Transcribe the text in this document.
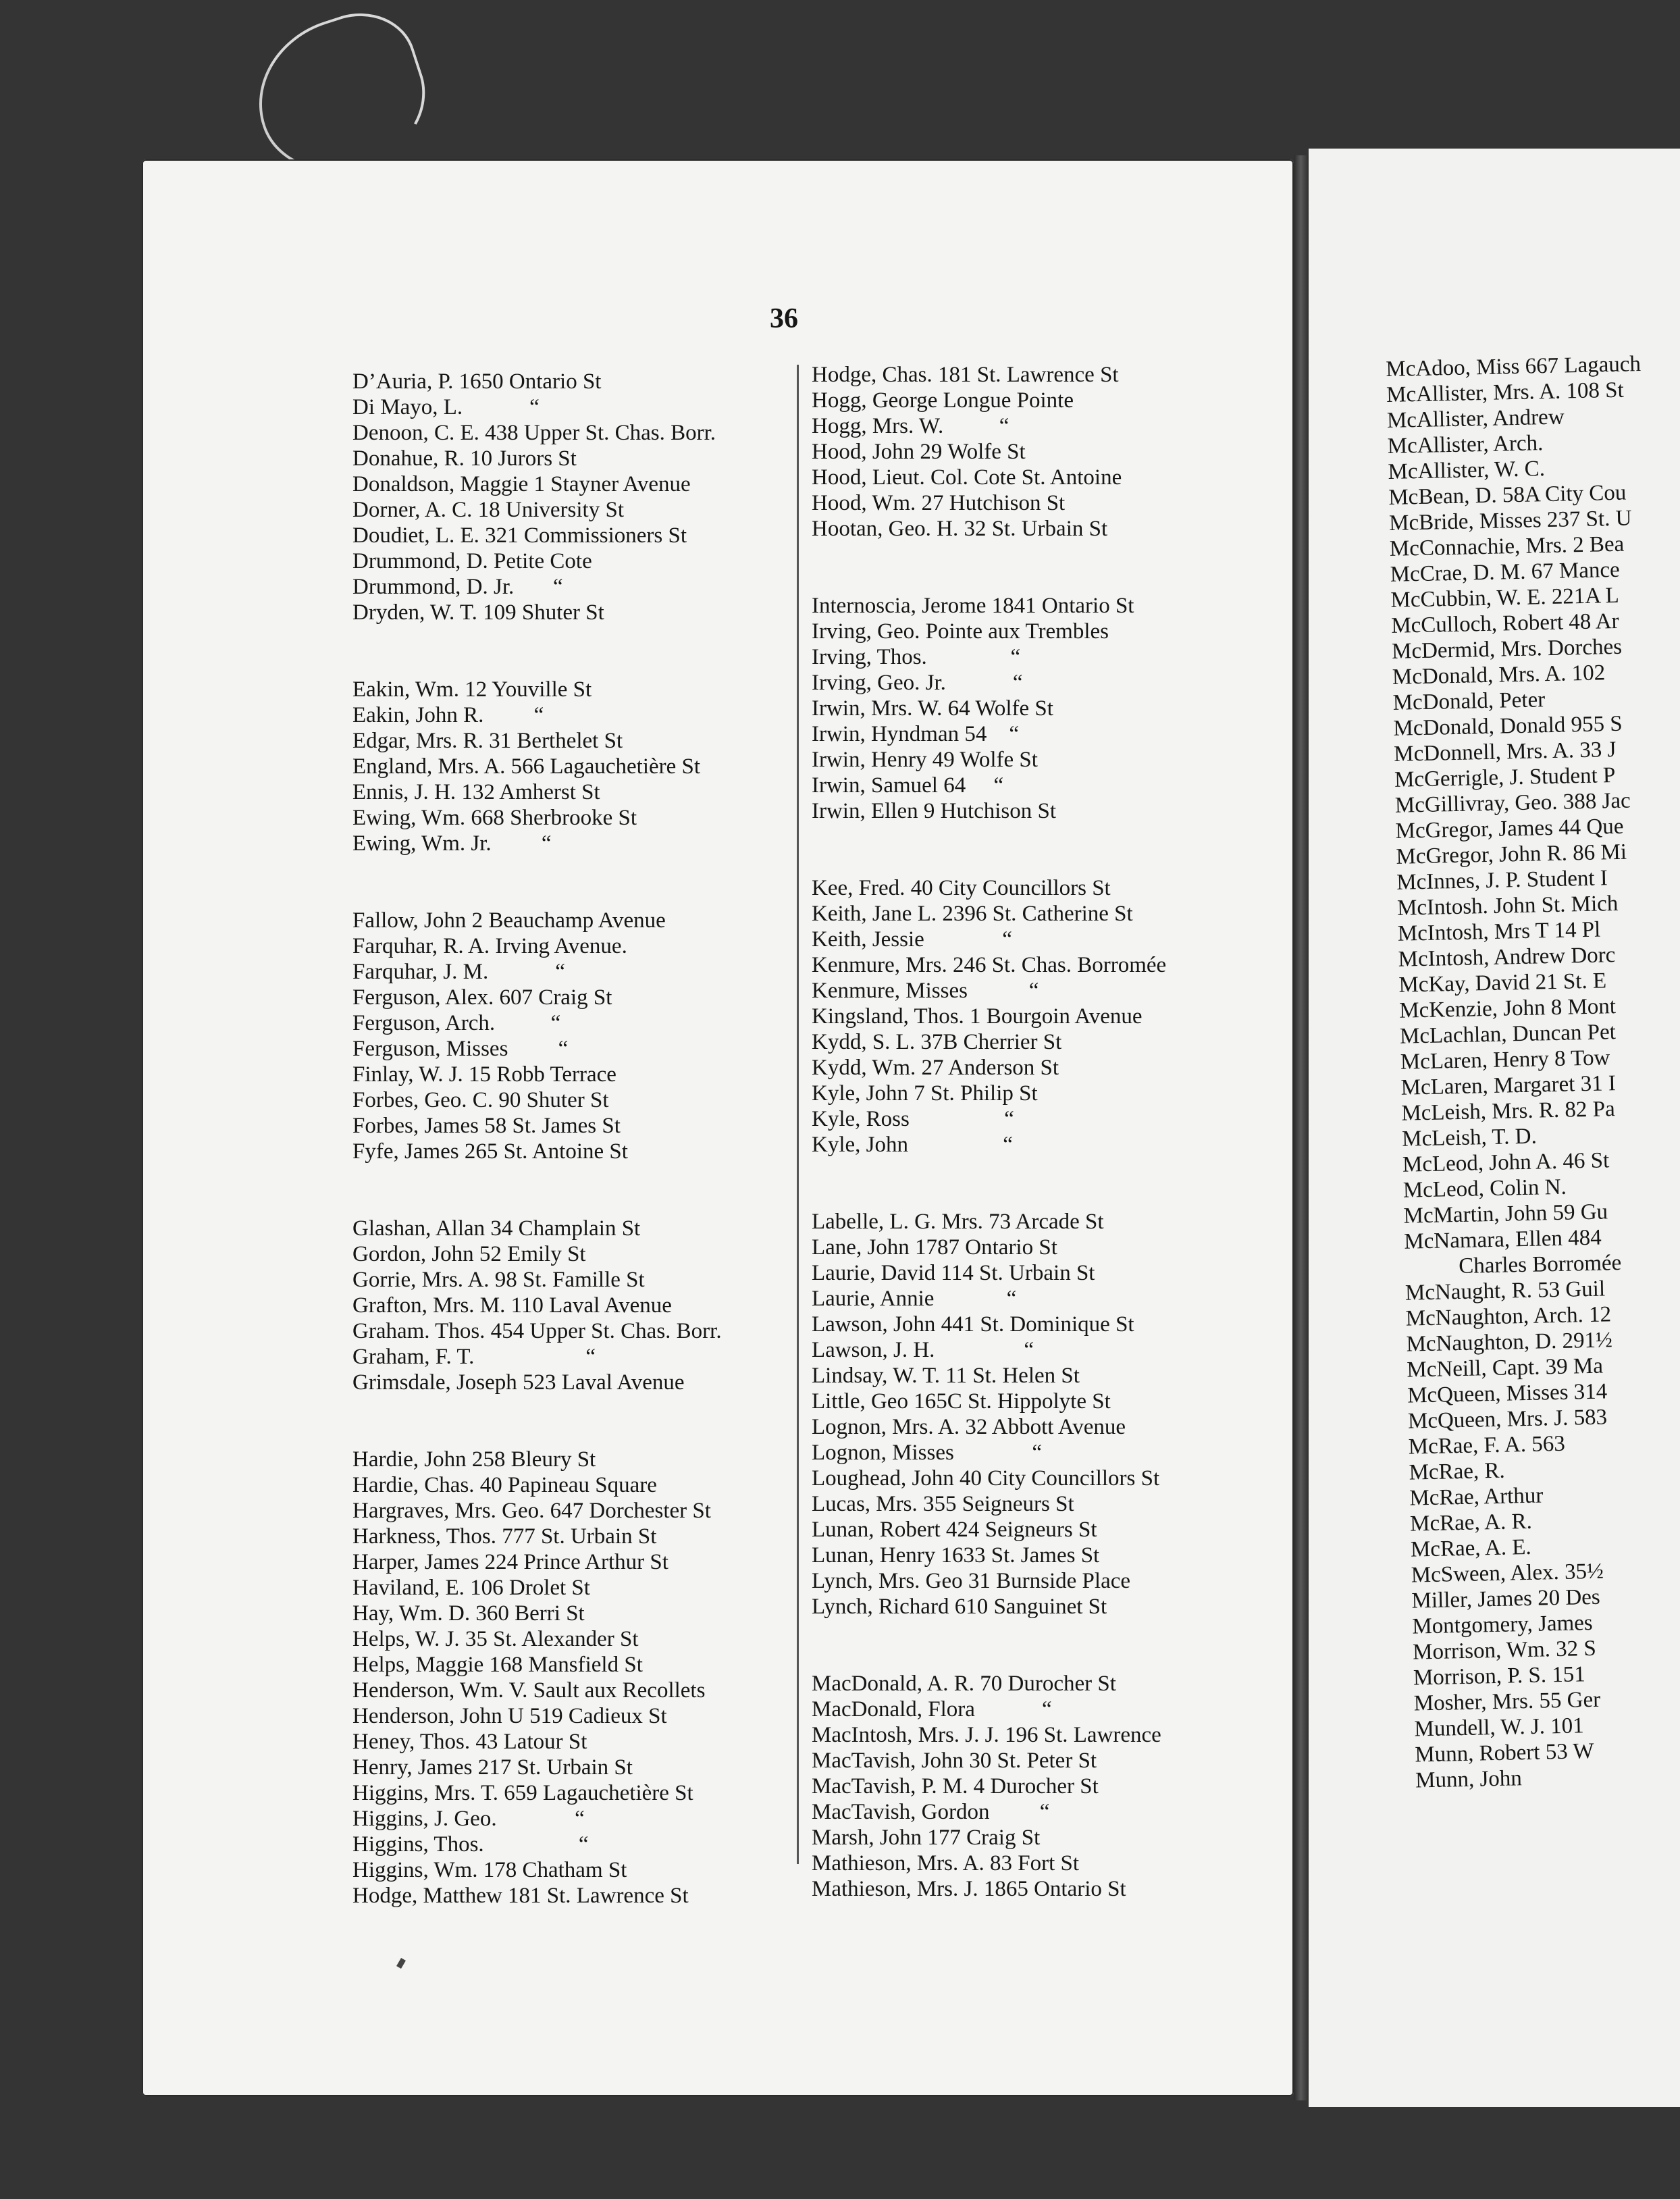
36
D’Auria, P. 1650 Ontario St
Di Mayo, L.            “
Denoon, C. E. 438 Upper St. Chas. Borr.
Donahue, R. 10 Jurors St
Donaldson, Maggie 1 Stayner Avenue
Dorner, A. C. 18 University St
Doudiet, L. E. 321 Commissioners St
Drummond, D. Petite Cote
Drummond, D. Jr.       “
Dryden, W. T. 109 Shuter St
Eakin, Wm. 12 Youville St
Eakin, John R.         “
Edgar, Mrs. R. 31 Berthelet St
England, Mrs. A. 566 Lagauchetière St
Ennis, J. H. 132 Amherst St
Ewing, Wm. 668 Sherbrooke St
Ewing, Wm. Jr.         “
Fallow, John 2 Beauchamp Avenue
Farquhar, R. A. Irving Avenue.
Farquhar, J. M.            “
Ferguson, Alex. 607 Craig St
Ferguson, Arch.          “
Ferguson, Misses         “
Finlay, W. J. 15 Robb Terrace
Forbes, Geo. C. 90 Shuter St
Forbes, James 58 St. James St
Fyfe, James 265 St. Antoine St
Glashan, Allan 34 Champlain St
Gordon, John 52 Emily St
Gorrie, Mrs. A. 98 St. Famille St
Grafton, Mrs. M. 110 Laval Avenue
Graham. Thos. 454 Upper St. Chas. Borr.
Graham, F. T.                    “
Grimsdale, Joseph 523 Laval Avenue
Hardie, John 258 Bleury St
Hardie, Chas. 40 Papineau Square
Hargraves, Mrs. Geo. 647 Dorchester St
Harkness, Thos. 777 St. Urbain St
Harper, James 224 Prince Arthur St
Haviland, E. 106 Drolet St
Hay, Wm. D. 360 Berri St
Helps, W. J. 35 St. Alexander St
Helps, Maggie 168 Mansfield St
Henderson, Wm. V. Sault aux Recollets
Henderson, John U 519 Cadieux St
Heney, Thos. 43 Latour St
Henry, James 217 St. Urbain St
Higgins, Mrs. T. 659 Lagauchetière St
Higgins, J. Geo.              “
Higgins, Thos.                 “
Higgins, Wm. 178 Chatham St
Hodge, Matthew 181 St. Lawrence St
Hodge, Chas. 181 St. Lawrence St
Hogg, George Longue Pointe
Hogg, Mrs. W.          “
Hood, John 29 Wolfe St
Hood, Lieut. Col. Cote St. Antoine
Hood, Wm. 27 Hutchison St
Hootan, Geo. H. 32 St. Urbain St
Internoscia, Jerome 1841 Ontario St
Irving, Geo. Pointe aux Trembles
Irving, Thos.               “
Irving, Geo. Jr.            “
Irwin, Mrs. W. 64 Wolfe St
Irwin, Hyndman 54    “
Irwin, Henry 49 Wolfe St
Irwin, Samuel 64     “
Irwin, Ellen 9 Hutchison St
Kee, Fred. 40 City Councillors St
Keith, Jane L. 2396 St. Catherine St
Keith, Jessie              “
Kenmure, Mrs. 246 St. Chas. Borromée
Kenmure, Misses           “
Kingsland, Thos. 1 Bourgoin Avenue
Kydd, S. L. 37B Cherrier St
Kydd, Wm. 27 Anderson St
Kyle, John 7 St. Philip St
Kyle, Ross                 “
Kyle, John                 “
Labelle, L. G. Mrs. 73 Arcade St
Lane, John 1787 Ontario St
Laurie, David 114 St. Urbain St
Laurie, Annie             “
Lawson, John 441 St. Dominique St
Lawson, J. H.                “
Lindsay, W. T. 11 St. Helen St
Little, Geo 165C St. Hippolyte St
Lognon, Mrs. A. 32 Abbott Avenue
Lognon, Misses              “
Loughead, John 40 City Councillors St
Lucas, Mrs. 355 Seigneurs St
Lunan, Robert 424 Seigneurs St
Lunan, Henry 1633 St. James St
Lynch, Mrs. Geo 31 Burnside Place
Lynch, Richard 610 Sanguinet St
MacDonald, A. R. 70 Durocher St
MacDonald, Flora            “
MacIntosh, Mrs. J. J. 196 St. Lawrence
MacTavish, John 30 St. Peter St
MacTavish, P. M. 4 Durocher St
MacTavish, Gordon         “
Marsh, John 177 Craig St
Mathieson, Mrs. A. 83 Fort St
Mathieson, Mrs. J. 1865 Ontario St
McAdoo, Miss 667 Lagauch
McAllister, Mrs. A. 108 St
McAllister, Andrew
McAllister, Arch.
McAllister, W. C.
McBean, D. 58A City Cou
McBride, Misses 237 St. U
McConnachie, Mrs. 2 Bea
McCrae, D. M. 67 Mance
McCubbin, W. E. 221A L
McCulloch, Robert 48 Ar
McDermid, Mrs. Dorches
McDonald, Mrs. A. 102
McDonald, Peter
McDonald, Donald 955 S
McDonnell, Mrs. A. 33 J
McGerrigle, J. Student P
McGillivray, Geo. 388 Jac
McGregor, James 44 Que
McGregor, John R. 86 Mi
McInnes, J. P. Student I
McIntosh. John St. Mich
McIntosh, Mrs T 14 Pl
McIntosh, Andrew Dorc
McKay, David 21 St. E
McKenzie, John 8 Mont
McLachlan, Duncan Pet
McLaren, Henry 8 Tow
McLaren, Margaret 31 I
McLeish, Mrs. R. 82 Pa
McLeish, T. D.
McLeod, John A. 46 St
McLeod, Colin N.
McMartin, John 59 Gu
McNamara, Ellen 484
Charles Borromée
McNaught, R. 53 Guil
McNaughton, Arch. 12
McNaughton, D. 291½
McNeill, Capt. 39 Ma
McQueen, Misses 314
McQueen, Mrs. J. 583
McRae, F. A. 563
McRae, R.
McRae, Arthur
McRae, A. R.
McRae, A. E.
McSween, Alex. 35½
Miller, James 20 Des
Montgomery, James
Morrison, Wm. 32 S
Morrison, P. S. 151
Mosher, Mrs. 55 Ger
Mundell, W. J. 101
Munn, Robert 53 W
Munn, John
